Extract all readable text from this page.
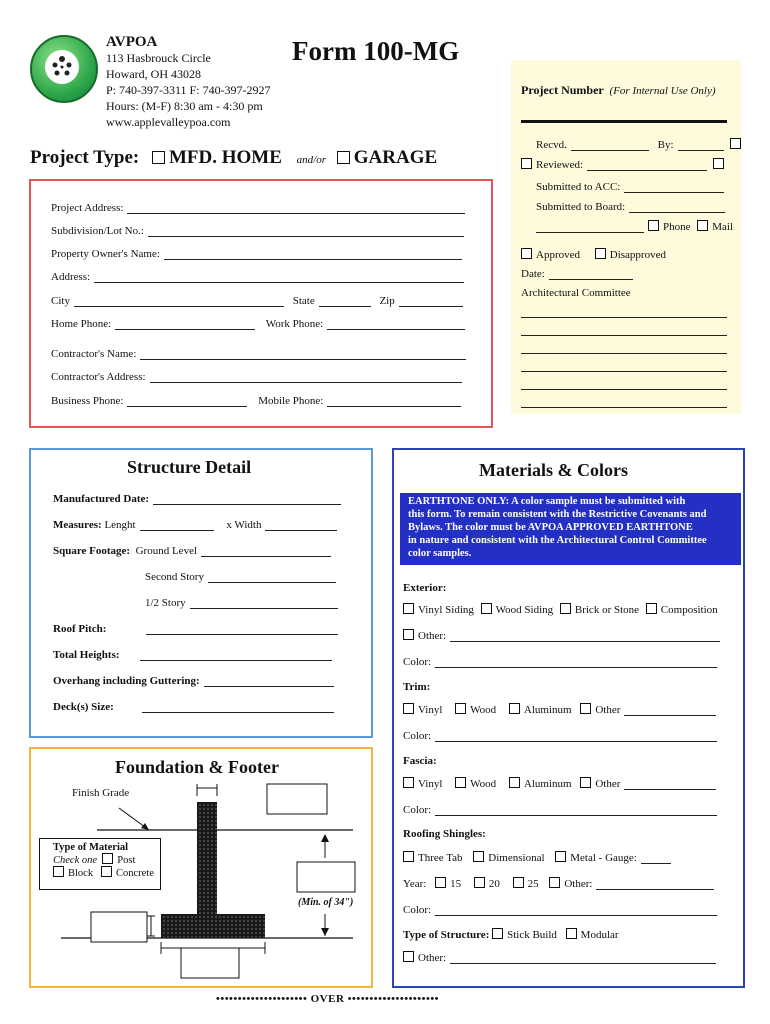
AVPOA
113 Hasbrouck Circle
Howard, OH 43028
P: 740-397-3311 F: 740-397-2927
Hours: (M-F) 8:30 am - 4:30 pm
www.applevalleypoa.com
Form 100-MG
Project Type: MFD. HOME and/or GARAGE
Project Address:
Subdivision/Lot No.:
Property Owner's Name:
Address:
City	State	Zip
Home Phone:	Work Phone:
Contractor's Name:
Contractor's Address:
Business Phone:	Mobile Phone:
Project Number (For Internal Use Only)
Recvd.	By:
Reviewed:
Submitted to ACC:
Submitted to Board:
Phone Mail
Approved	Disapproved
Date:
Architectural Committee
Structure Detail
Manufactured Date:
Measures: Lenght	x Width
Square Footage: Ground Level
Second Story
1/2 Story
Roof Pitch:
Total Heights:
Overhang including Guttering:
Deck(s) Size:
Foundation & Footer
Finish Grade
Type of Material
Check one Post
Block Concrete
(Min. of 34")
Materials & Colors
EARTHTONE ONLY: A color sample must be submitted with
this form. To remain consistent with the Restrictive Covenants and
Bylaws. The color must be AVPOA APPROVED EARTHTONE
in nature and consistent with the Architectural Control Committee
color samples.
Exterior:
Vinyl Siding Wood Siding Brick or Stone Composition
Other:
Color:
Trim:
Vinyl	Wood	Aluminum Other
Color:
Fascia:
Vinyl	Wood	Aluminum Other
Color:
Roofing Shingles:
Three Tab Dimensional Metal - Gauge:
Year: 15	20	25 Other:
Color:
Type of Structure: Stick Build Modular
Other:
••••••••••••••••••••• OVER •••••••••••••••••••••
